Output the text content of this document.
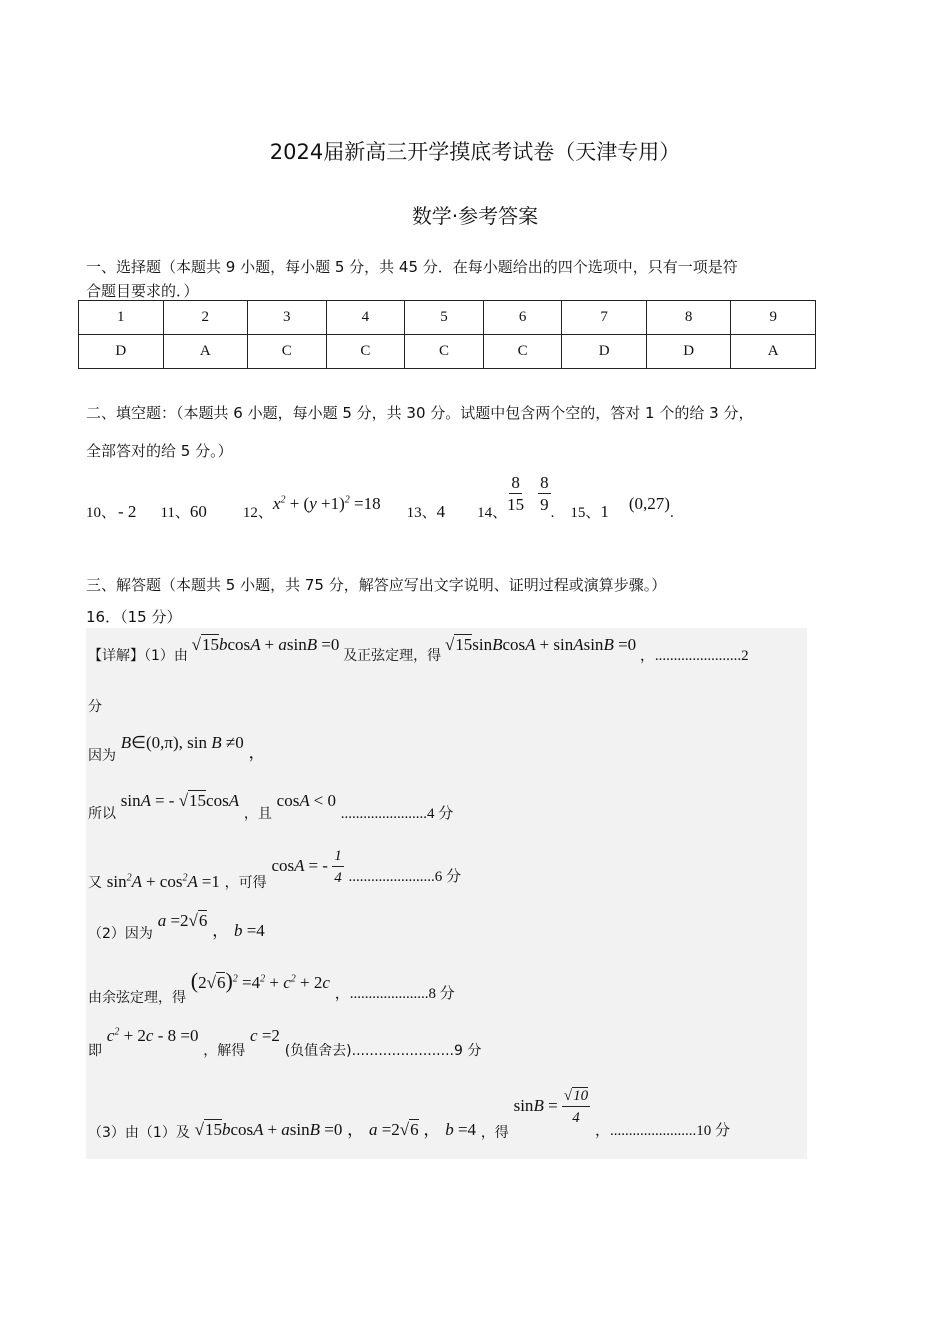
2024届新高三开学摸底考试卷（天津专用）
数学·参考答案
一、选择题（本题共 9 小题，每小题 5 分，共 45 分．在每小题给出的四个选项中，只有一项是符
合题目要求的．）
1	2	3	4	5	6	7	8	9
D	A	C	C	C	C	D	D	A
二、填空题：（本题共 6 小题，每小题 5 分，共 30 分。试题中包含两个空的，答对 1 个的给 3 分，
全部答对的给 5 分。）
10、 - 2 11、 60 12、 $x^2 + (y +1)^2 =18$ 13、 4 14、 $\frac{8}{15} \frac{8}{9}$ . 15、 1 (0,27) .
三、解答题（本题共 5 小题，共 75 分，解答应写出文字说明、证明过程或演算步骤。）
16．（15 分）
【详解】（1）由 √15bcosA + asinB =0 及正弦定理，得 √15sinBcosA + sinAsinB =0 ，.......................2
分
因为 B∈(0,π), sin B ≠0 ，
所以 sinA = - √15cosA ，且 cosA < 0 .......................4 分
又 $\sin^2A + \cos^2A =1$ ，可得 cosA = - $\frac{1}{4} .......................6$ 分
（2）因为 a =2√6 ， b =4
由余弦定理，得 $(2√6)^2 =4^2 + c^2 + 2c$ ，.....................8 分
即 $c^2 + 2c - 8 =0$ ，解得 c =2 (负值舍去).......................9 分
（3）由（1）及 √15bcosA + asinB =0 ， a =2√6 ， b =4 ，得 $\sin B = \frac{√10}{4}$
，.......................10 分
